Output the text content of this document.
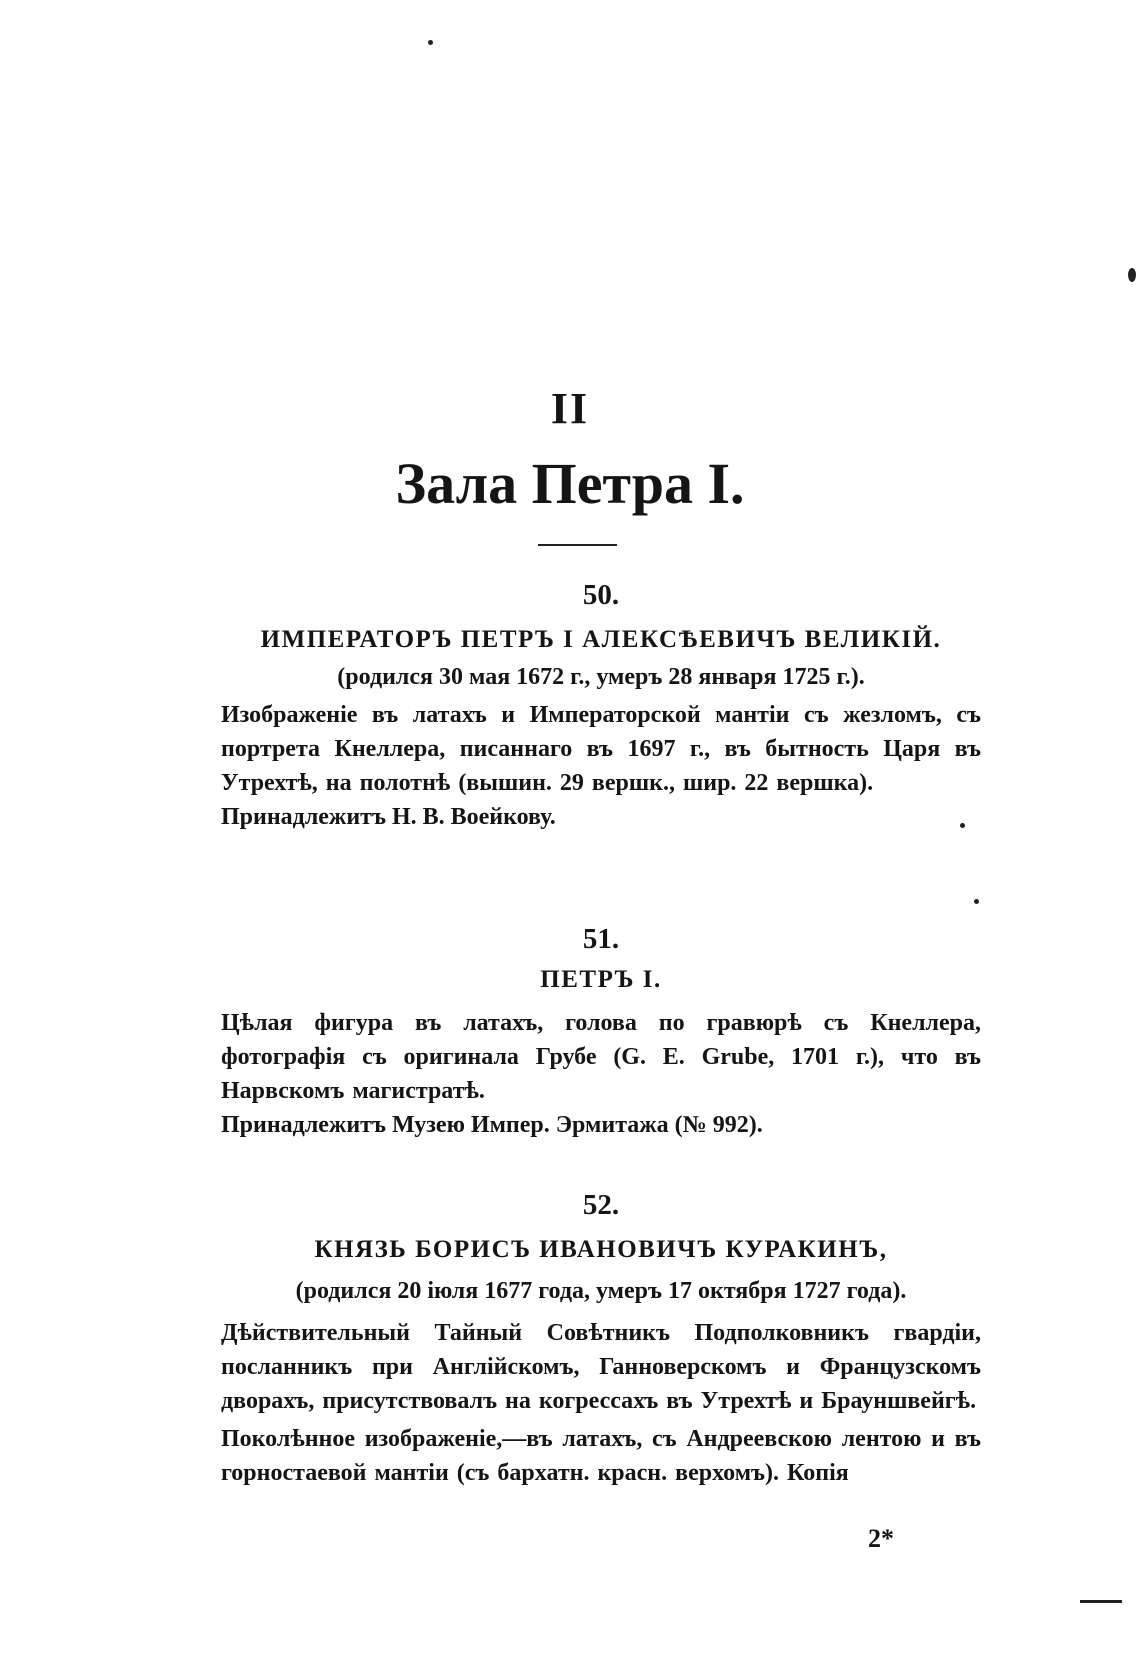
II
Зала Петра I.

50.

ИМПЕРАТОРЪ ПЕТРЪ I АЛЕКСѢЕВИЧЪ ВЕЛИКІЙ.

(родился 30 мая 1672 г., умеръ 28 января 1725 г.).

Изображеніе въ латахъ и Императорской мантіи съ жезломъ, съ портрета Кнеллера, писаннаго въ 1697 г., въ бытность Царя въ Утрехтѣ, на полотнѣ (вышин. 29 вершк., шир. 22 вершка).

Принадлежитъ Н. В. Воейкову.

51.

ПЕТРЪ I.

Цѣлая фигура въ латахъ, голова по гравюрѣ съ Кнеллера, фотографія съ оригинала Грубе (G. E. Grube, 1701 г.), что въ Нарвскомъ магистратѣ.

Принадлежитъ Музею Импер. Эрмитажа (№ 992).

52.

КНЯЗЬ БОРИСЪ ИВАНОВИЧЪ КУРАКИНЪ,

(родился 20 іюля 1677 года, умеръ 17 октября 1727 года).

Дѣйствительный Тайный Совѣтникъ Подполковникъ гвардіи, посланникъ при Англійскомъ, Ганноверскомъ и Французскомъ дворахъ, присутствовалъ на когрессахъ въ Утрехтѣ и Брауншвейгѣ.

Поколѣнное изображеніе,—въ латахъ, съ Андреевскою лентою и въ горностаевой мантіи (съ бархатн. красн. верхомъ). Копія

2*
